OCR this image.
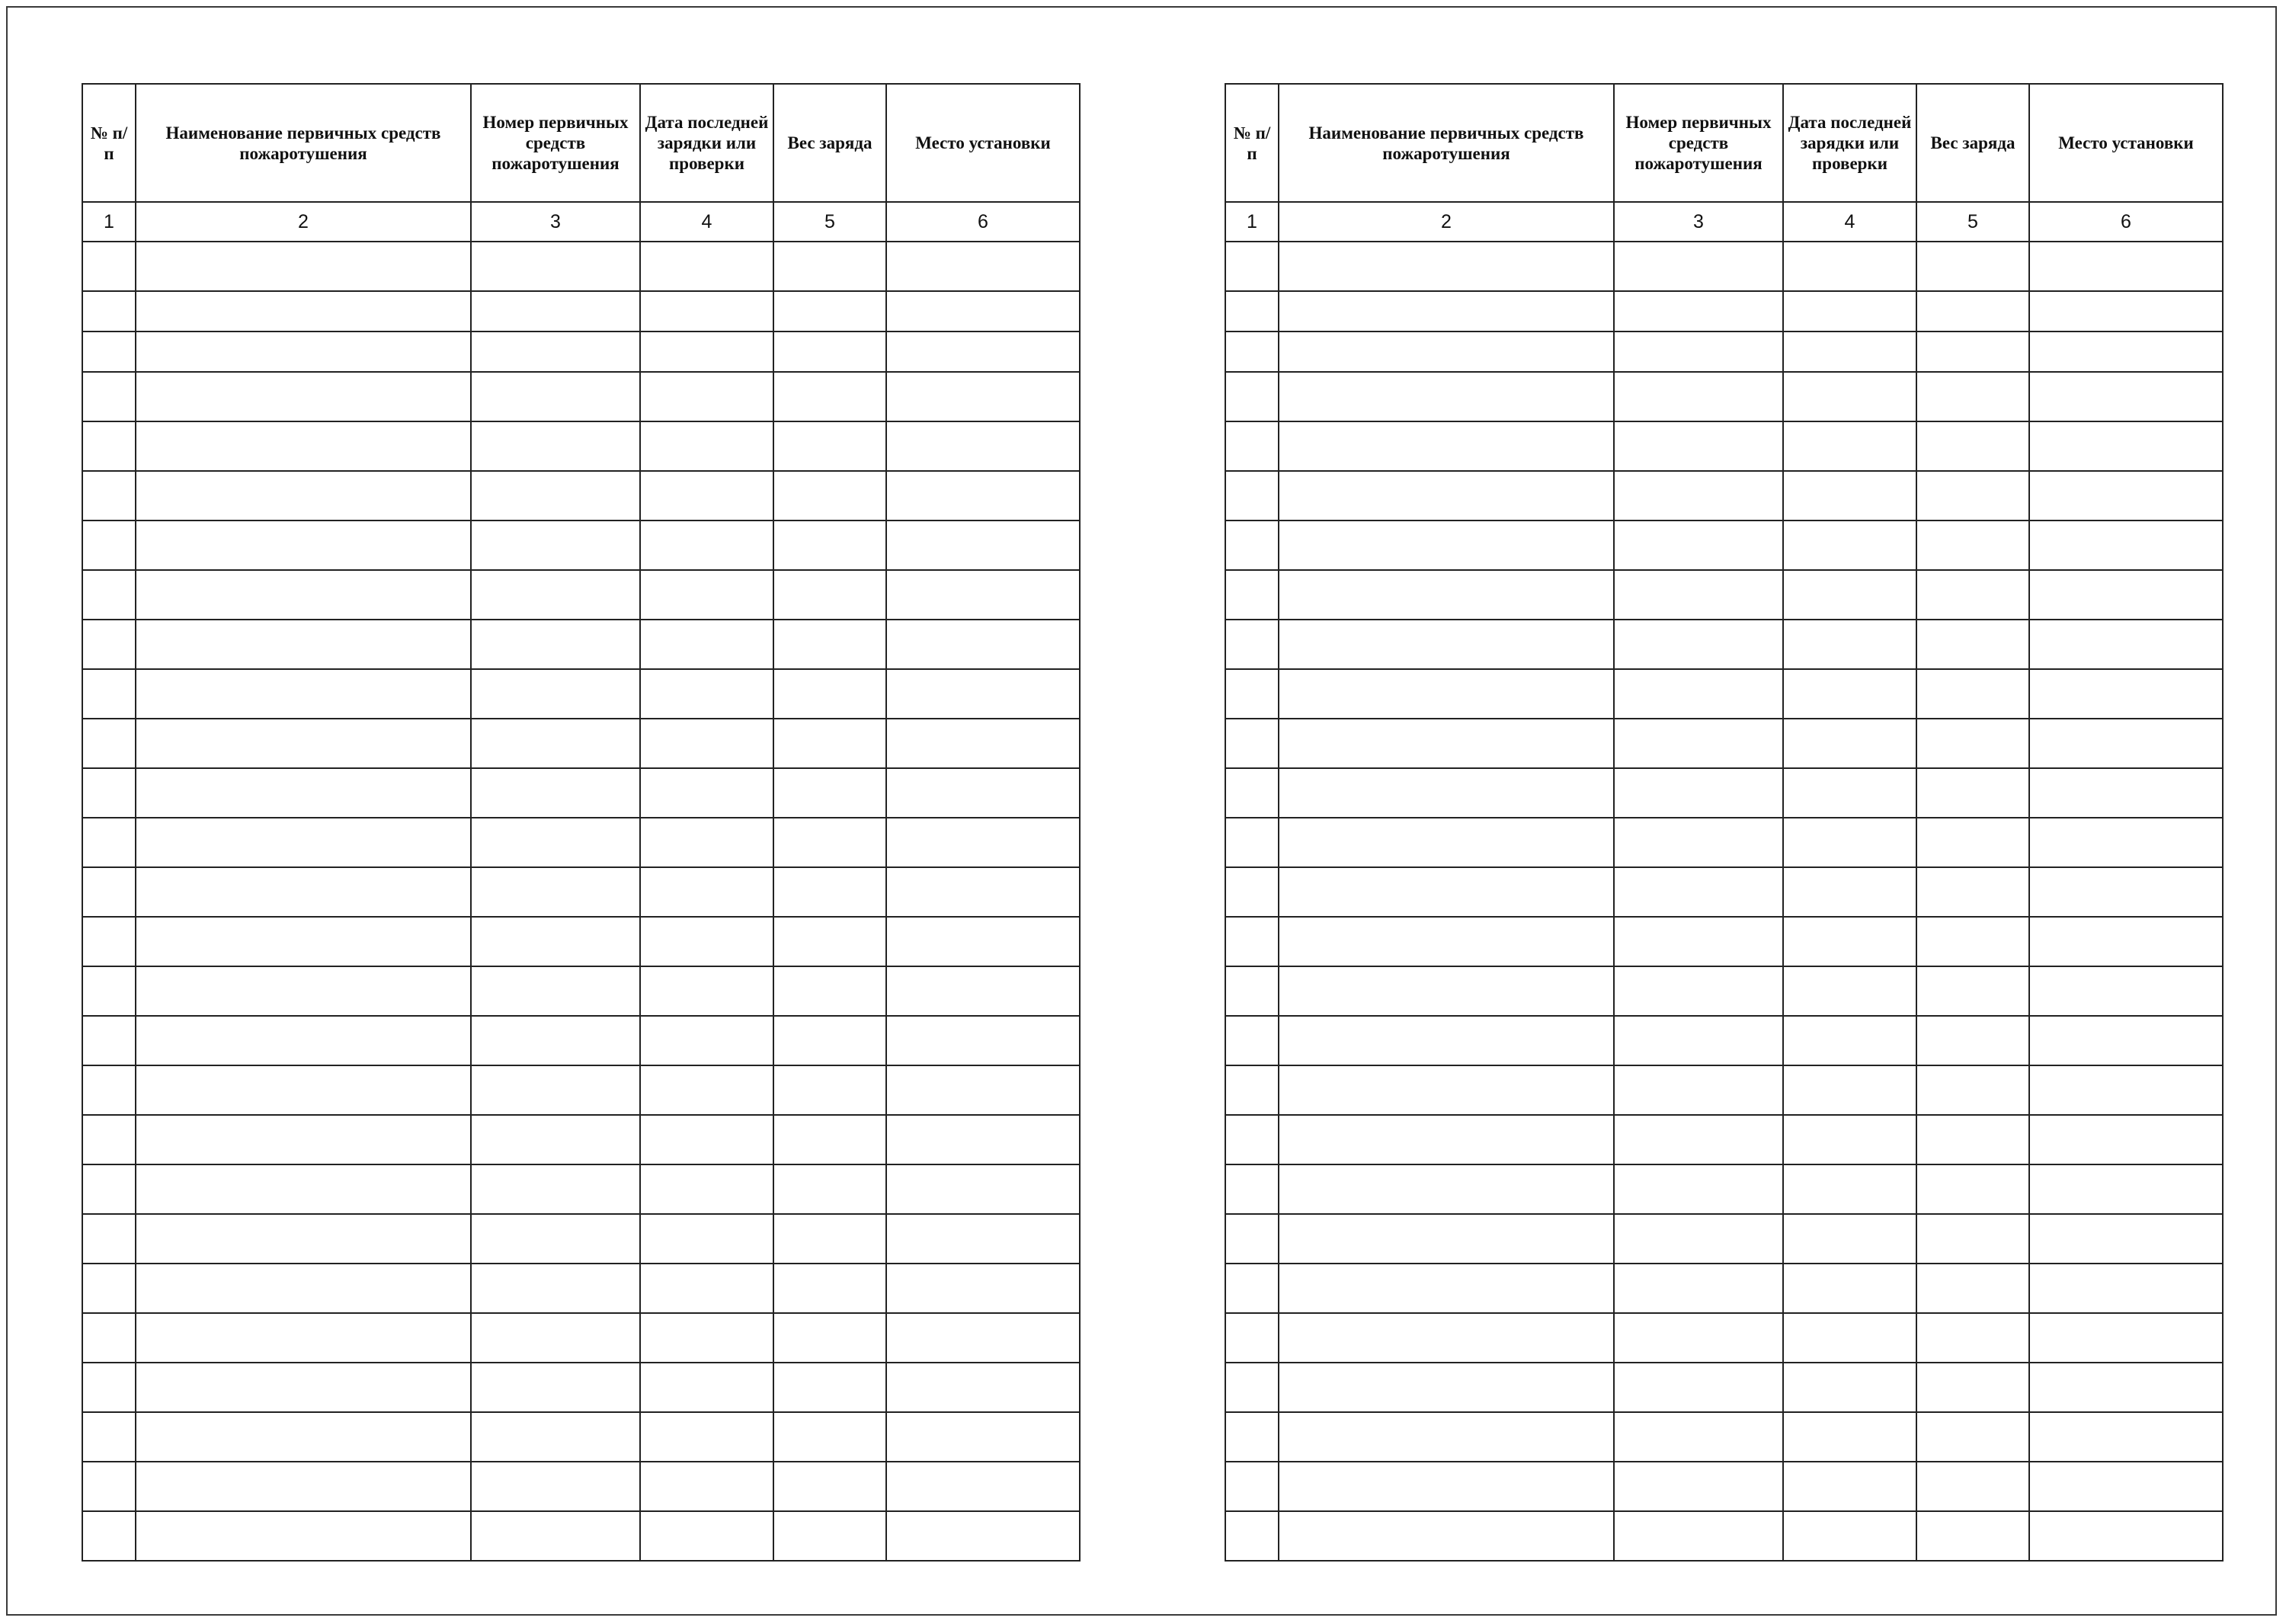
№ п/п	Наименование первичных средств пожаротушения	Номер первичных средств пожаротушения	Дата последней зарядки или проверки	Вес заряда	Место установки
1	2	3	4	5	6

№ п/п	Наименование первичных средств пожаротушения	Номер первичных средств пожаротушения	Дата последней зарядки или проверки	Вес заряда	Место установки
1	2	3	4	5	6
